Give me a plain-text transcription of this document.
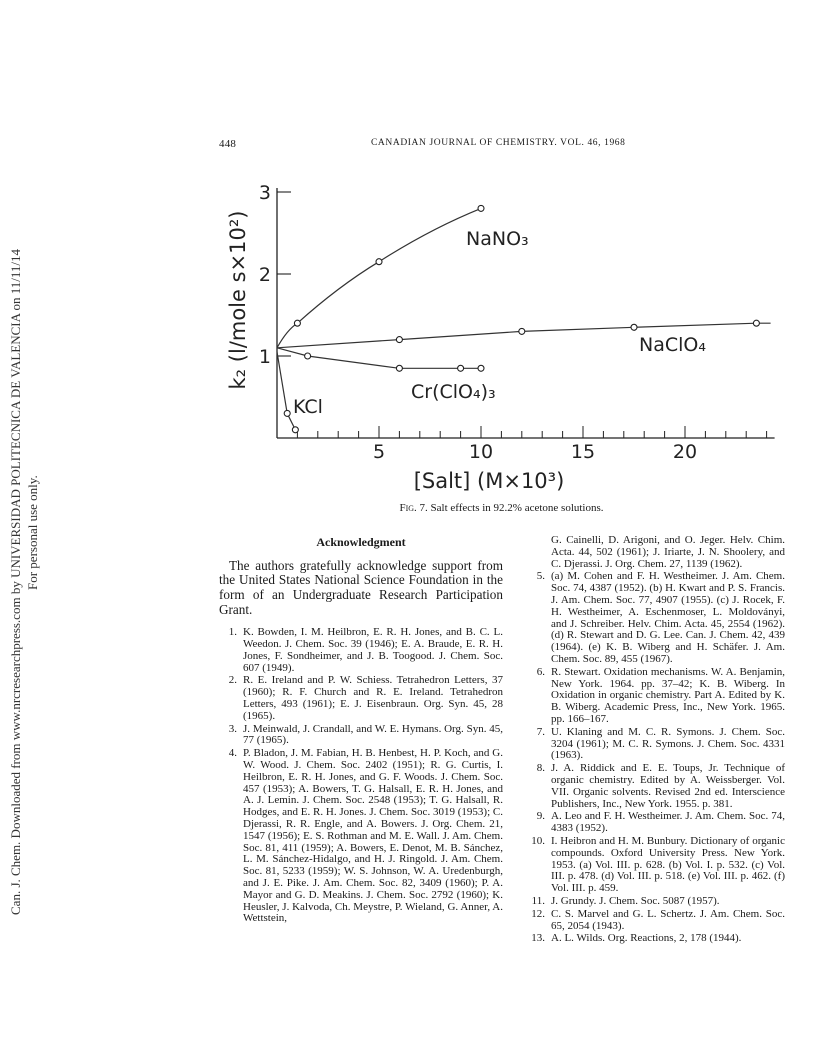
Can. J. Chem. Downloaded from www.nrcresearchpress.com by UNIVERSIDAD POLITECNICA DE VALENCIA on 11/11/14 For personal use only.
448	CANADIAN JOURNAL OF CHEMISTRY. VOL. 46, 1968
5	10	15	20
1
2
3
NaNO₃
NaClO₄
Cr(ClO₄)₃
KCl
[Salt] (M×10³)
k₂ (l/mole s×10²)
Fig. 7. Salt effects in 92.2% acetone solutions.
Acknowledgment

The authors gratefully acknowledge support from the United States National Science Foundation in the form of an Undergraduate Research Participation Grant.

1. K. Bowden, I. M. Heilbron, E. R. H. Jones, and B. C. L. Weedon. J. Chem. Soc. 39 (1946); E. A. Braude, E. R. H. Jones, F. Sondheimer, and J. B. Toogood. J. Chem. Soc. 607 (1949).
2. R. E. Ireland and P. W. Schiess. Tetrahedron Letters, 37 (1960); R. F. Church and R. E. Ireland. Tetrahedron Letters, 493 (1961); E. J. Eisenbraun. Org. Syn. 45, 28 (1965).
3. J. Meinwald, J. Crandall, and W. E. Hymans. Org. Syn. 45, 77 (1965).
4. P. Bladon, J. M. Fabian, H. B. Henbest, H. P. Koch, and G. W. Wood. J. Chem. Soc. 2402 (1951); R. G. Curtis, I. Heilbron, E. R. H. Jones, and G. F. Woods. J. Chem. Soc. 457 (1953); A. Bowers, T. G. Halsall, E. R. H. Jones, and A. J. Lemin. J. Chem. Soc. 2548 (1953); T. G. Halsall, R. Hodges, and E. R. H. Jones. J. Chem. Soc. 3019 (1953); C. Djerassi, R. R. Engle, and A. Bowers. J. Org. Chem. 21, 1547 (1956); E. S. Rothman and M. E. Wall. J. Am. Chem. Soc. 81, 411 (1959); A. Bowers, E. Denot, M. B. Sánchez, L. M. Sánchez-Hidalgo, and H. J. Ringold. J. Am. Chem. Soc. 81, 5233 (1959); W. S. Johnson, W. A. Uredenburgh, and J. E. Pike. J. Am. Chem. Soc. 82, 3409 (1960); P. A. Mayor and G. D. Meakins. J. Chem. Soc. 2792 (1960); K. Heusler, J. Kalvoda, Ch. Meystre, P. Wieland, G. Anner, A. Wettstein,
G. Cainelli, D. Arigoni, and O. Jeger. Helv. Chim. Acta. 44, 502 (1961); J. Iriarte, J. N. Shoolery, and C. Djerassi. J. Org. Chem. 27, 1139 (1962).
5. (a) M. Cohen and F. H. Westheimer. J. Am. Chem. Soc. 74, 4387 (1952). (b) H. Kwart and P. S. Francis. J. Am. Chem. Soc. 77, 4907 (1955). (c) J. Rocek, F. H. Westheimer, A. Eschenmoser, L. Moldoványi, and J. Schreiber. Helv. Chim. Acta. 45, 2554 (1962). (d) R. Stewart and D. G. Lee. Can. J. Chem. 42, 439 (1964). (e) K. B. Wiberg and H. Schäfer. J. Am. Chem. Soc. 89, 455 (1967).
6. R. Stewart. Oxidation mechanisms. W. A. Benjamin, New York. 1964. pp. 37–42; K. B. Wiberg. In Oxidation in organic chemistry. Part A. Edited by K. B. Wiberg. Academic Press, Inc., New York. 1965. pp. 166–167.
7. U. Klaning and M. C. R. Symons. J. Chem. Soc. 3204 (1961); M. C. R. Symons. J. Chem. Soc. 4331 (1963).
8. J. A. Riddick and E. E. Toups, Jr. Technique of organic chemistry. Edited by A. Weissberger. Vol. VII. Organic solvents. Revised 2nd ed. Interscience Publishers, Inc., New York. 1955. p. 381.
9. A. Leo and F. H. Westheimer. J. Am. Chem. Soc. 74, 4383 (1952).
10. I. Heibron and H. M. Bunbury. Dictionary of organic compounds. Oxford University Press. New York. 1953. (a) Vol. III. p. 628. (b) Vol. I. p. 532. (c) Vol. III. p. 478. (d) Vol. III. p. 518. (e) Vol. III. p. 462. (f) Vol. III. p. 459.
11. J. Grundy. J. Chem. Soc. 5087 (1957).
12. C. S. Marvel and G. L. Schertz. J. Am. Chem. Soc. 65, 2054 (1943).
13. A. L. Wilds. Org. Reactions, 2, 178 (1944).
